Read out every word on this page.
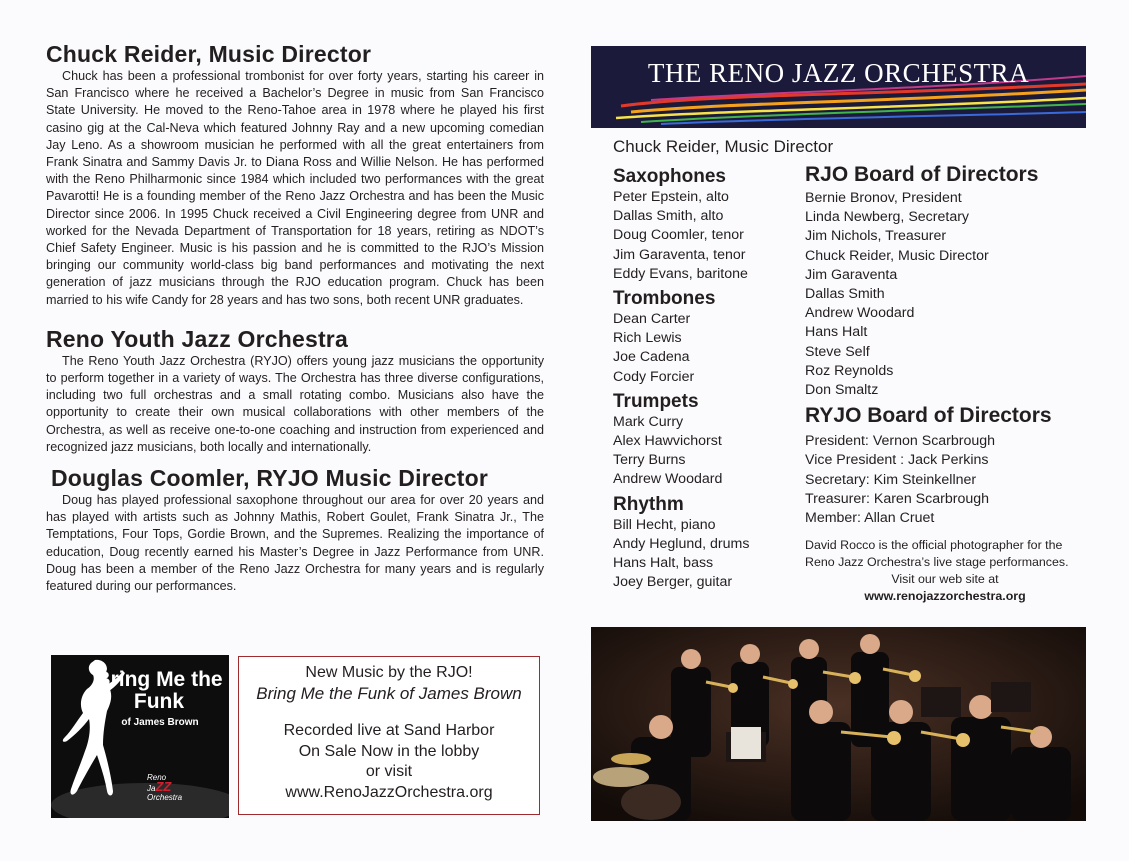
Chuck Reider, Music Director

Chuck has been a professional trombonist for over forty years, starting his career in San Francisco where he received a Bachelor’s Degree in music from San Francisco State University. He moved to the Reno-Tahoe area in 1978 where he played his first casino gig at the Cal-Neva which featured Johnny Ray and a new upcoming comedian Jay Leno. As a showroom musician he performed with all the great entertainers from Frank Sinatra and Sammy Davis Jr. to Diana Ross and Willie Nelson. He has performed with the Reno Philharmonic since 1984 which included two performances with the great Pavarotti! He is a founding member of the Reno Jazz Orchestra and has been the Music Director since 2006. In 1995 Chuck received a Civil Engineering degree from UNR and worked for the Nevada Department of Transportation for 18 years, retiring as NDOT’s Chief Safety Engineer. Music is his passion and he is committed to the RJO’s Mission bringing our community world-class big band performances and motivating the next generation of jazz musicians through the RJO education program. Chuck has been married to his wife Candy for 28 years and has two sons, both recent UNR graduates.

Reno Youth Jazz Orchestra

The Reno Youth Jazz Orchestra (RYJO) offers young jazz musicians the opportunity to perform together in a variety of ways. The Orchestra has three diverse configurations, including two full orchestras and a small rotating combo. Musicians also have the opportunity to create their own musical collaborations with other members of the Orchestra, as well as receive one-to-one coaching and instruction from experienced and recognized jazz musicians, both locally and internationally.

Douglas Coomler, RYJO Music Director

Doug has played professional saxophone throughout our area for over 20 years and has played with artists such as Johnny Mathis, Robert Goulet, Frank Sinatra Jr., The Temptations, Four Tops, Gordie Brown, and the Supremes. Realizing the importance of education, Doug recently earned his Master’s Degree in Jazz Performance from UNR. Doug has been a member of the Reno Jazz Orchestra for many years and is regularly featured during our performances.

Bring Me the Funk
of James Brown
Reno
JaZZ
Orchestra
New Music by the RJO!
Bring Me the Funk of James Brown
Recorded live at Sand Harbor
On Sale Now in the lobby
or visit
www.RenoJazzOrchestra.org
THE RENO JAZZ ORCHESTRA
Chuck Reider, Music Director
Saxophones
Peter Epstein, alto
Dallas Smith, alto
Doug Coomler, tenor
Jim Garaventa, tenor
Eddy Evans, baritone
Trombones
Dean Carter
Rich Lewis
Joe Cadena
Cody Forcier
Trumpets
Mark Curry
Alex Hawvichorst
Terry Burns
Andrew Woodard
Rhythm
Bill Hecht, piano
Andy Heglund, drums
Hans Halt, bass
Joey Berger, guitar
RJO Board of Directors
Bernie Bronov, President
Linda Newberg, Secretary
Jim Nichols, Treasurer
Chuck Reider, Music Director
Jim Garaventa
Dallas Smith
Andrew Woodard
Hans Halt
Steve Self
Roz Reynolds
Don Smaltz
RYJO Board of Directors
President: Vernon Scarbrough
Vice President : Jack Perkins
Secretary: Kim Steinkellner
Treasurer: Karen Scarbrough
Member: Allan Cruet
David Rocco is the official photographer for the Reno Jazz Orchestra’s live stage performances.
Visit our web site at
www.renojazzorchestra.org
